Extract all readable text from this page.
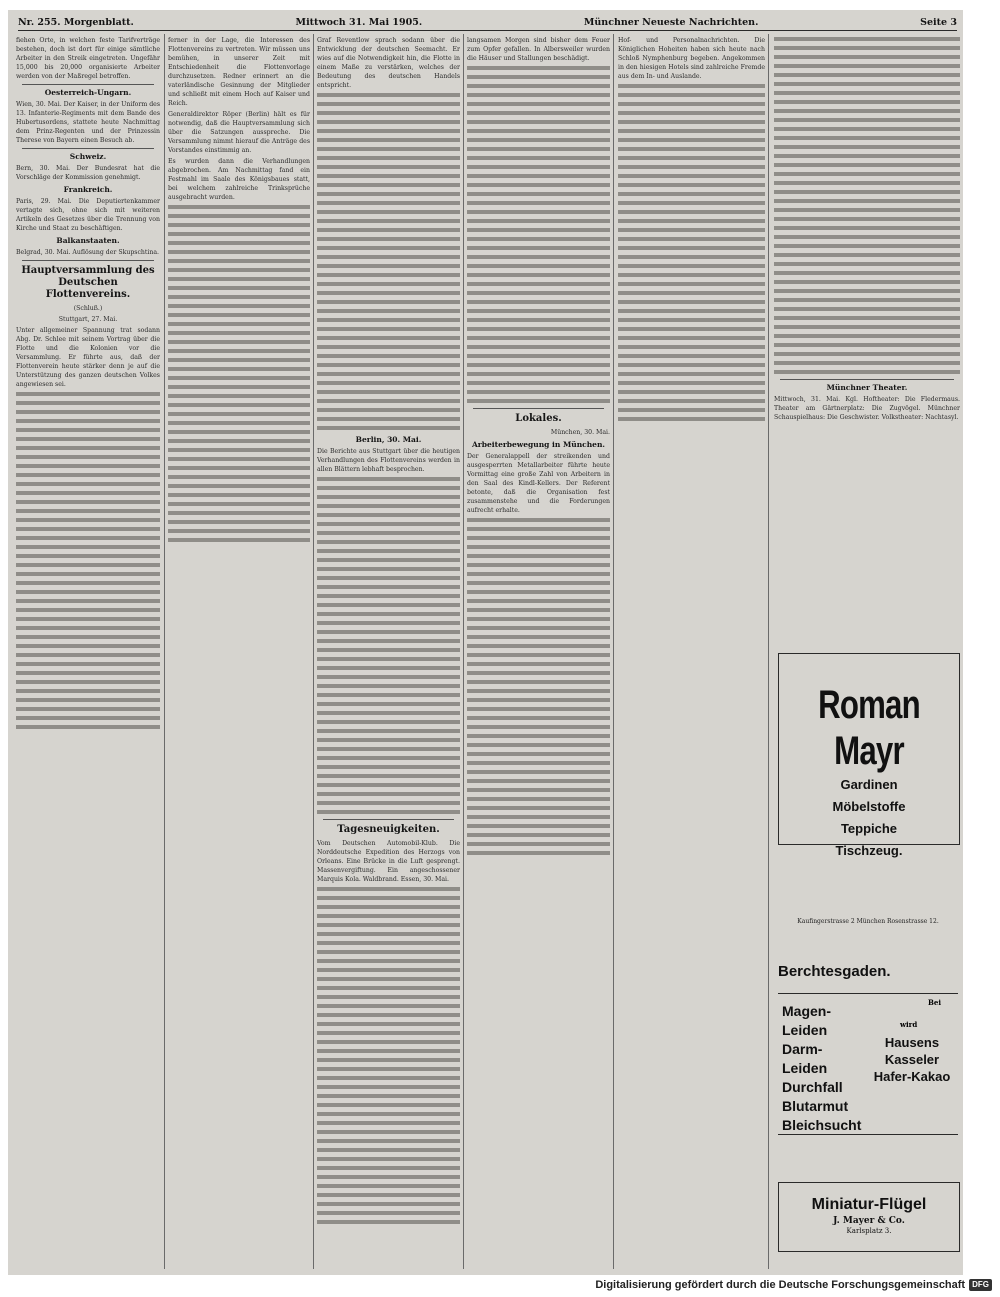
Nr. 255. Morgenblatt.	Mittwoch 31. Mai 1905.	Münchner Neueste Nachrichten.	Seite 3

fiehen Orte, in welchen feste Tarifverträge bestehen, doch ist dort für einige sämtliche Arbeiter in den Streik eingetreten. Ungefähr 15,000 bis 20,000 organisierte Arbeiter werden von der Maßregel betroffen.

Oesterreich-Ungarn.

Wien, 30. Mai. Der Kaiser, in der Uniform des 13. Infanterie-Regiments mit dem Bande des Hubertusordens, stattete heute Nachmittag dem Prinz-Regenten und der Prinzessin Therese von Bayern einen Besuch ab.

Schweiz.

Bern, 30. Mai. Der Bundesrat hat die Vorschläge der Kommission genehmigt.

Frankreich.

Paris, 29. Mai. Die Deputiertenkammer vertagte sich, ohne sich mit weiteren Artikeln des Gesetzes über die Trennung von Kirche und Staat zu beschäftigen.

Balkanstaaten.

Belgrad, 30. Mai. Auflösung der Skupschtina.

Hauptversammlung des Deutschen Flottenvereins.

(Schluß.)

Stuttgart, 27. Mai.

Unter allgemeiner Spannung trat sodann Abg. Dr. Schlee mit seinem Vortrag über die Flotte und die Kolonien vor die Versammlung. Er führte aus, daß der Flottenverein heute stärker denn je auf die Unterstützung des ganzen deutschen Volkes angewiesen sei.

ferner in der Lage, die Interessen des Flottenvereins zu vertreten. Wir müssen uns bemühen, in unserer Zeit mit Entschiedenheit die Flottenvorlage durchzusetzen. Redner erinnert an die vaterländische Gesinnung der Mitglieder und schließt mit einem Hoch auf Kaiser und Reich.

Generaldirektor Röper (Berlin) hält es für notwendig, daß die Hauptversammlung sich über die Satzungen ausspreche. Die Versammlung nimmt hierauf die Anträge des Vorstandes einstimmig an.

Es wurden dann die Verhandlungen abgebrochen. Am Nachmittag fand ein Festmahl im Saale des Königsbaues statt, bei welchem zahlreiche Trinksprüche ausgebracht wurden.

Graf Reventlow sprach sodann über die Entwicklung der deutschen Seemacht. Er wies auf die Notwendigkeit hin, die Flotte in einem Maße zu verstärken, welches der Bedeutung des deutschen Handels entspricht.

Berlin, 30. Mai.

Die Berichte aus Stuttgart über die heutigen Verhandlungen des Flottenvereins werden in allen Blättern lebhaft besprochen.

Tagesneuigkeiten.

Vom Deutschen Automobil-Klub. Die Norddeutsche Expedition des Herzogs von Orleans. Eine Brücke in die Luft gesprengt. Massenvergiftung. Ein angeschossener Marquis Kola. Waldbrand. Essen, 30. Mai.

langsamen Morgen sind bisher dem Feuer zum Opfer gefallen. In Albersweiler wurden die Häuser und Stallungen beschädigt.

Lokales.

München, 30. Mai.

Arbeiterbewegung in München.

Der Generalappell der streikenden und ausgesperrten Metallarbeiter führte heute Vormittag eine große Zahl von Arbeitern in den Saal des Kindl-Kellers. Der Referent betonte, daß die Organisation fest zusammenstehe und die Forderungen aufrecht erhalte.

Hof- und Personalnachrichten. Die Königlichen Hoheiten haben sich heute nach Schloß Nymphenburg begeben. Angekommen in den hiesigen Hotels sind zahlreiche Fremde aus dem In- und Auslande.

Münchner Theater.

Mittwoch, 31. Mai. Kgl. Hoftheater: Die Fledermaus. Theater am Gärtnerplatz: Die Zugvögel. Münchner Schauspielhaus: Die Geschwister. Volkstheater: Nachtasyl.

Roman Mayr
Gardinen
Möbelstoffe
Teppiche
Tischzeug.
Kaufingerstrasse 2 München Rosenstrasse 12.
Berchtesgaden.
Magen-Leiden
Darm-Leiden
Durchfall
Blutarmut
Bleichsucht
Bei
wird
Hausens Kasseler Hafer-Kakao
Miniatur-Flügel
J. Mayer & Co.
Karlsplatz 3.
Digitalisierung gefördert durch die Deutsche Forschungsgemeinschaft DFG
